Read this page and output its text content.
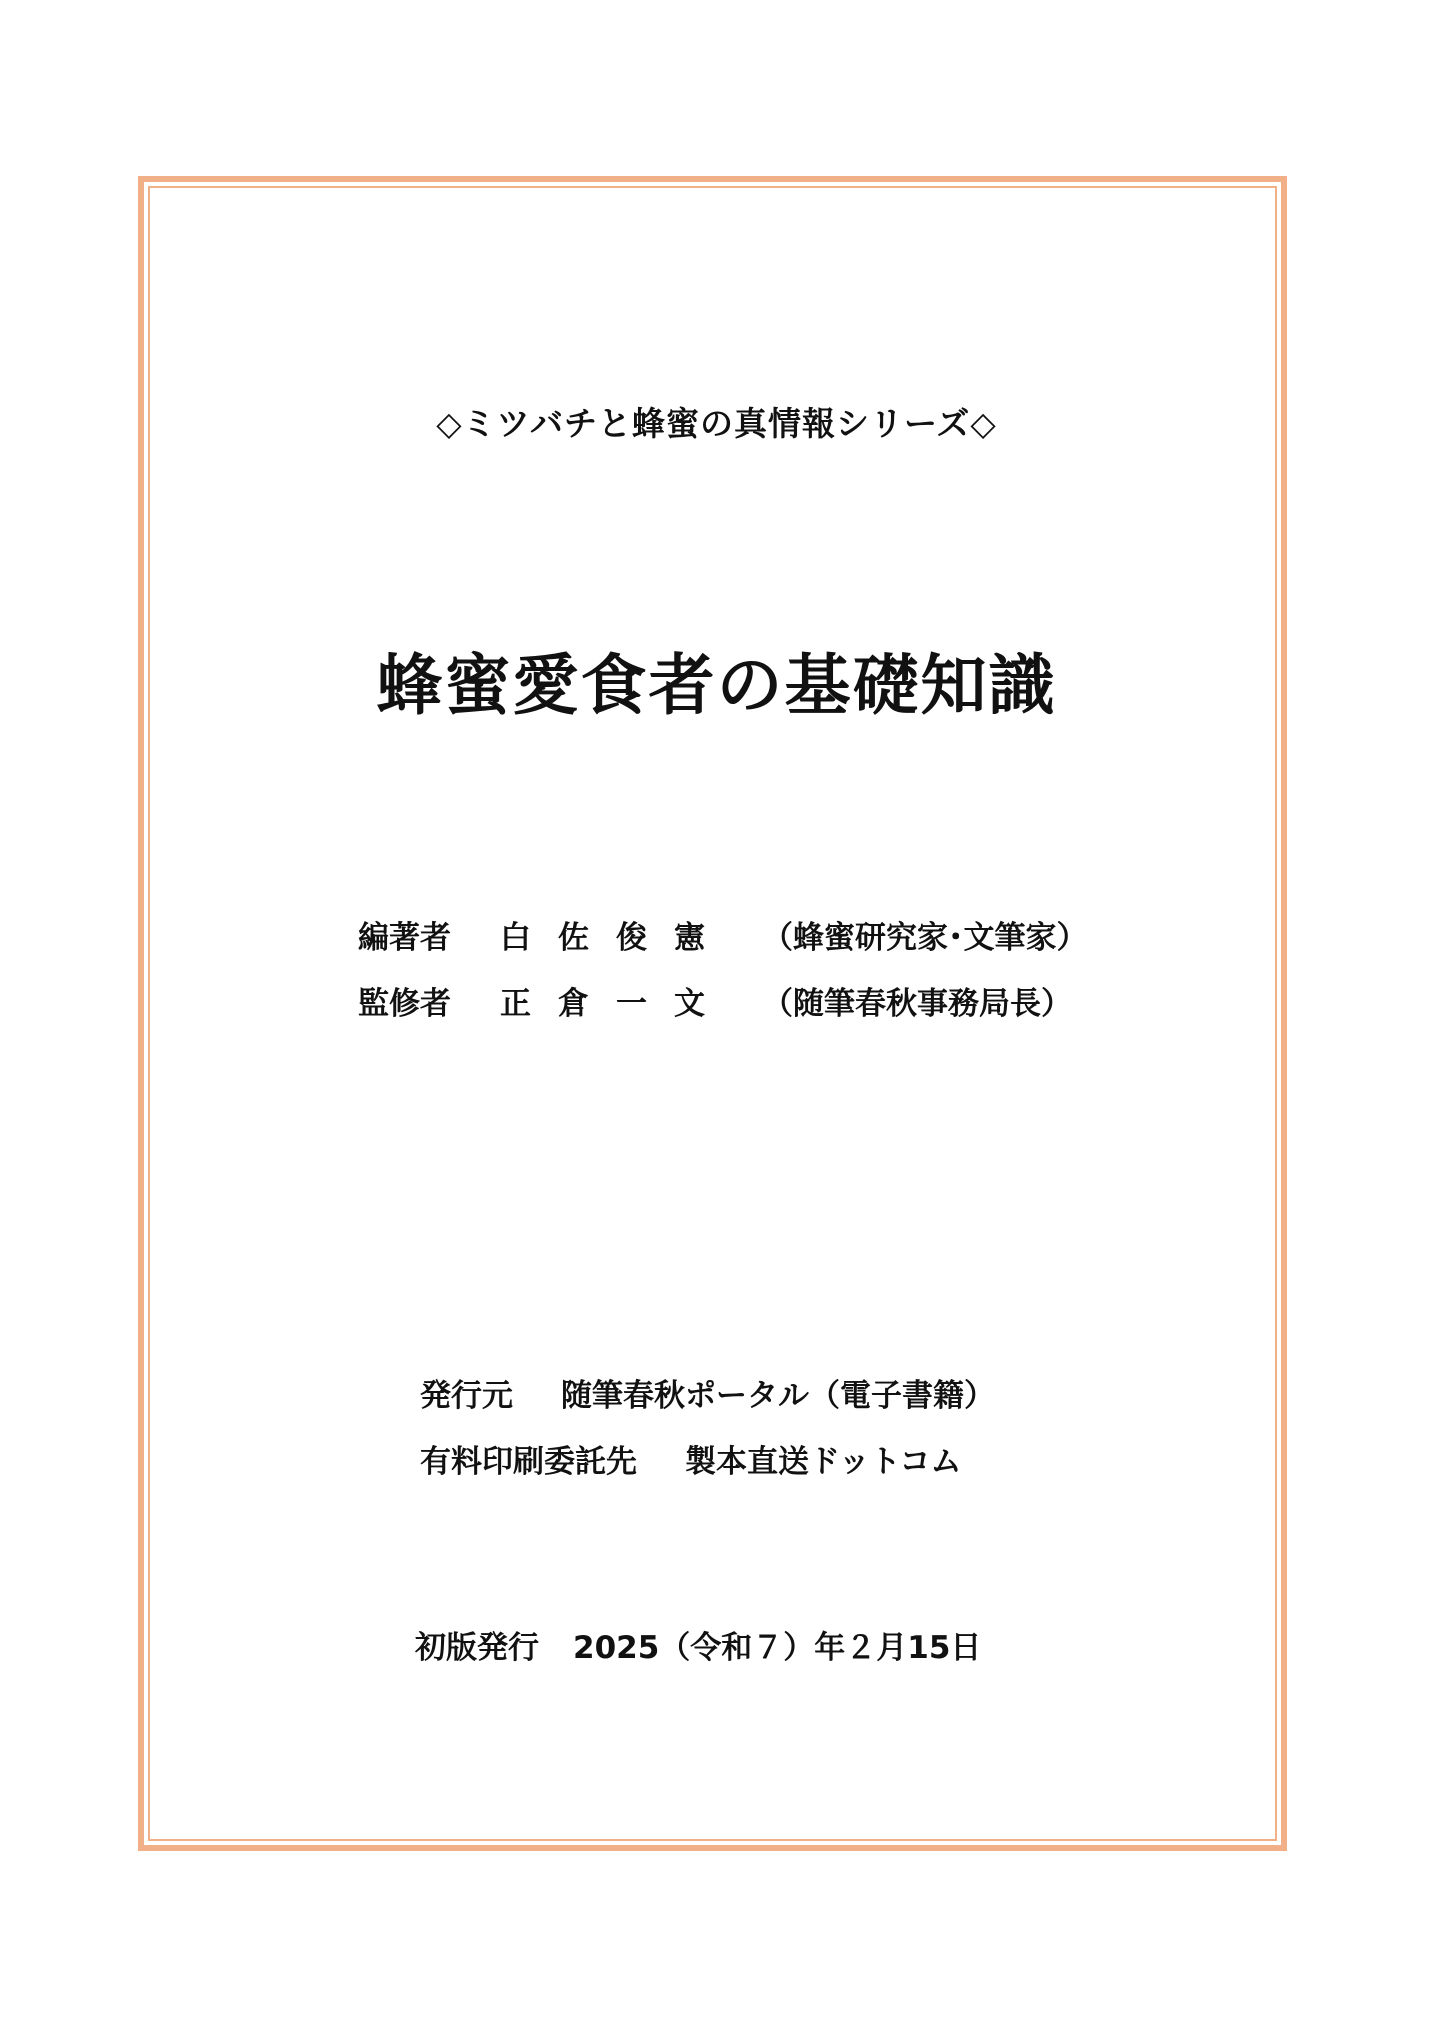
◇ミツバチと蜂蜜の真情報シリーズ◇
蜂蜜愛食者の基礎知識
編著者 白佐俊憲 （蜂蜜研究家･文筆家）
監修者 正倉一文 （随筆春秋事務局長）
発行元 随筆春秋ポータル（電子書籍）
有料印刷委託先 製本直送ドットコム
初版発行 2025（令和７）年２月15日
